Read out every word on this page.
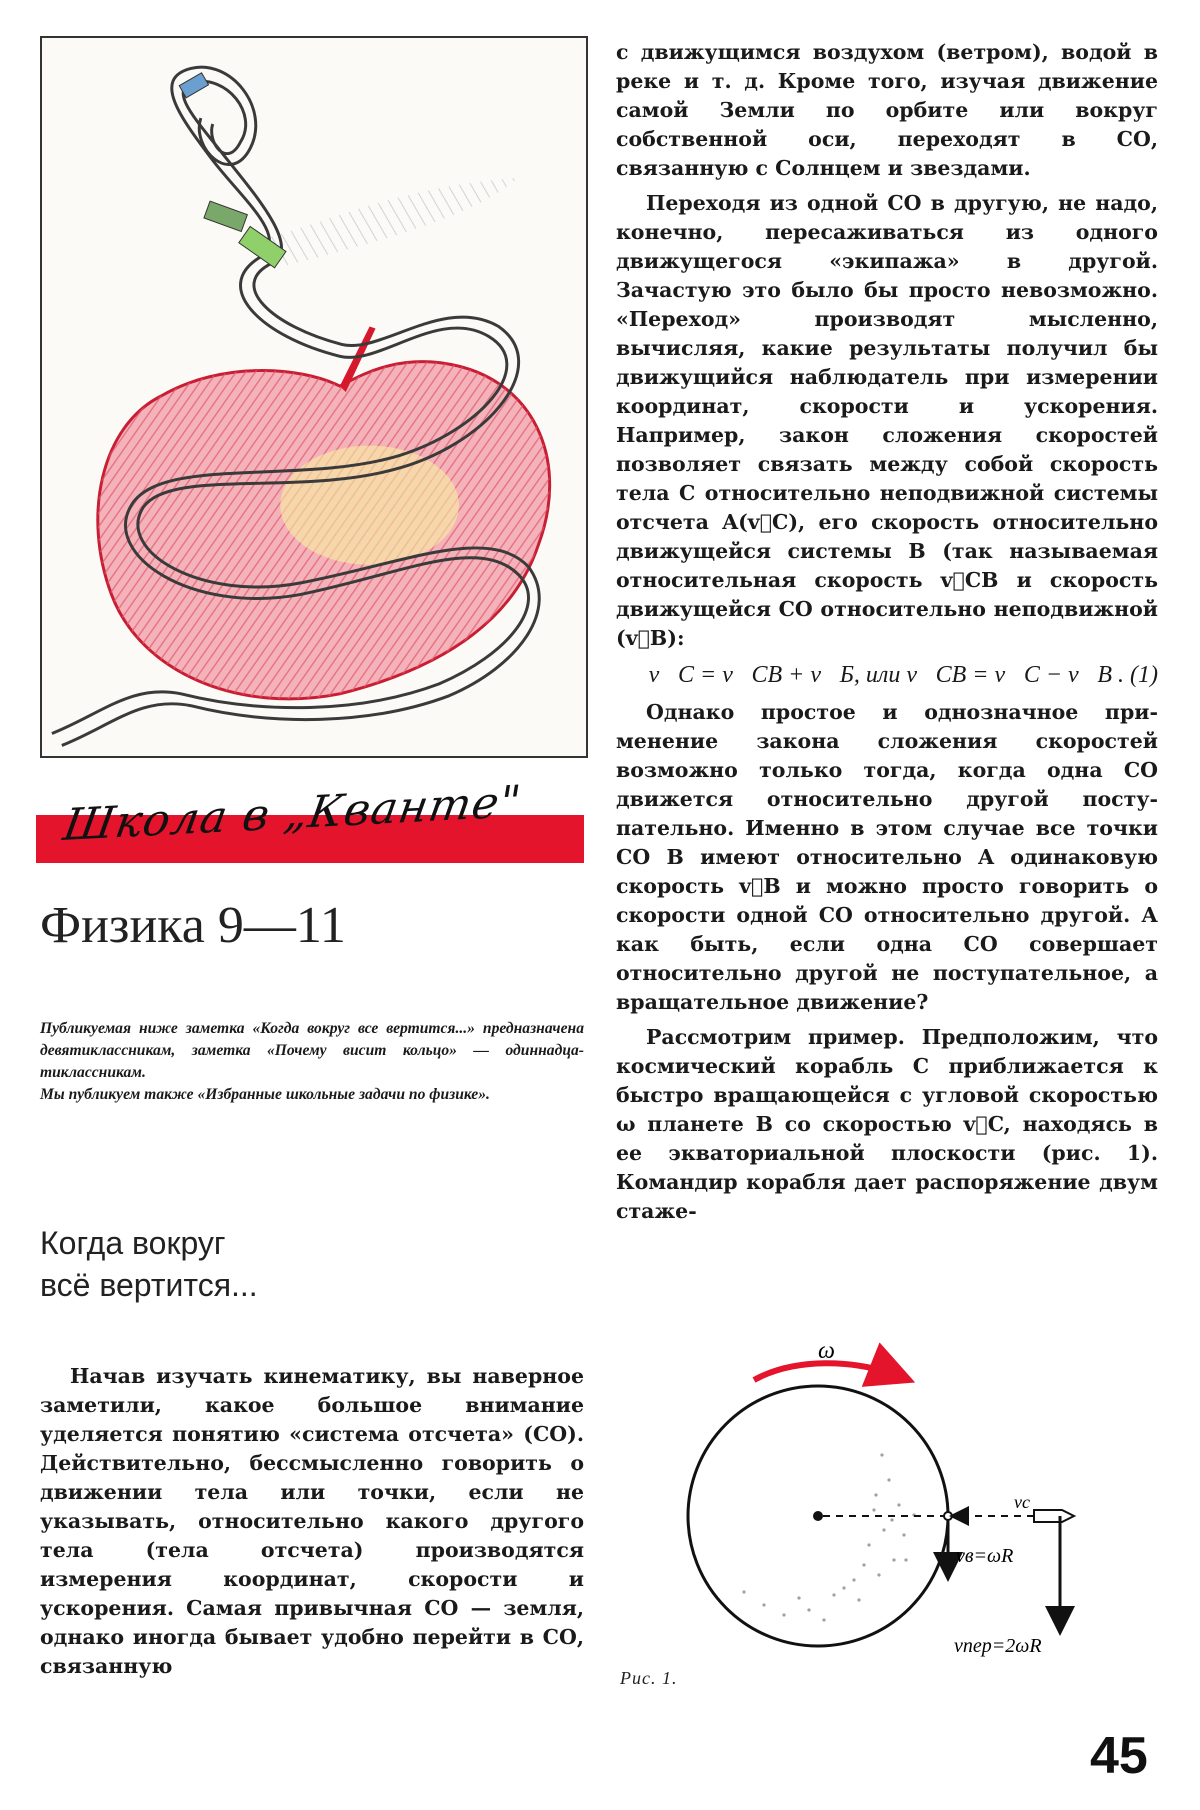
Школа в „Кванте"
Физика 9—11

Публикуемая ниже заметка «Когда вокруг все вертится...» предназначена девятиклассникам, заметка «Почему висит кольцо» — одиннадцатиклассникам.

Мы публикуем также «Избранные школьные задачи по физике».

Когда вокруг
всё вертится...

Начав изучать кинематику, вы наверное заметили, какое большое внимание уделяется понятию «система отсчета» (СО). Действительно, бессмысленно говорить о движении тела или точки, если не указывать, относительно какого другого тела (тела отсчета) производятся измерения координат, скорости и ускорения. Самая привычная СО — земля, однако иногда бывает удобно перейти в СО, связанную

с движущимся воздухом (ветром), водой в реке и т. д. Кроме того, изучая движение самой Земли по орбите или вокруг собственной оси, переходят в СО, связанную с Солнцем и звездами.

Переходя из одной СО в другую, не надо, конечно, пересаживаться из одного движущегося «экипажа» в другой. Зачастую это было бы просто невозможно. «Переход» производят мысленно, вычисляя, какие результаты получил бы движущийся наблюдатель при измерении координат, скорости и ускорения. Например, закон сложения скоростей позволяет связать между собой скорость тела C относительно неподвижной системы отсчета A(v⃗C), его скорость относительно движущейся системы B (так называемая относительная скорость v⃗CB и скорость движущейся СО относительно неподвижной (v⃗B):

v⃗C = v⃗CB + v⃗Б, или v⃗CB = v⃗C − v⃗B . (1)

Однако простое и однозначное применение закона сложения скоростей возможно только тогда, когда одна СО движется относительно другой поступательно. Именно в этом случае все точки СО B имеют относительно A одинаковую скорость v⃗B и можно просто говорить о скорости одной СО относительно другой. А как быть, если одна СО совершает относительно другой не поступательное, а вращательное движение?

Рассмотрим пример. Предположим, что космический корабль C приближается к быстро вращающейся с угловой скоростью ω планете B со скоростью v⃗C, находясь в ее экваториальной плоскости (рис. 1). Командир корабля дает распоряжение двум стаже-

ω
vc
vв=ωR
vпер=2ωR
Рис. 1.
45
